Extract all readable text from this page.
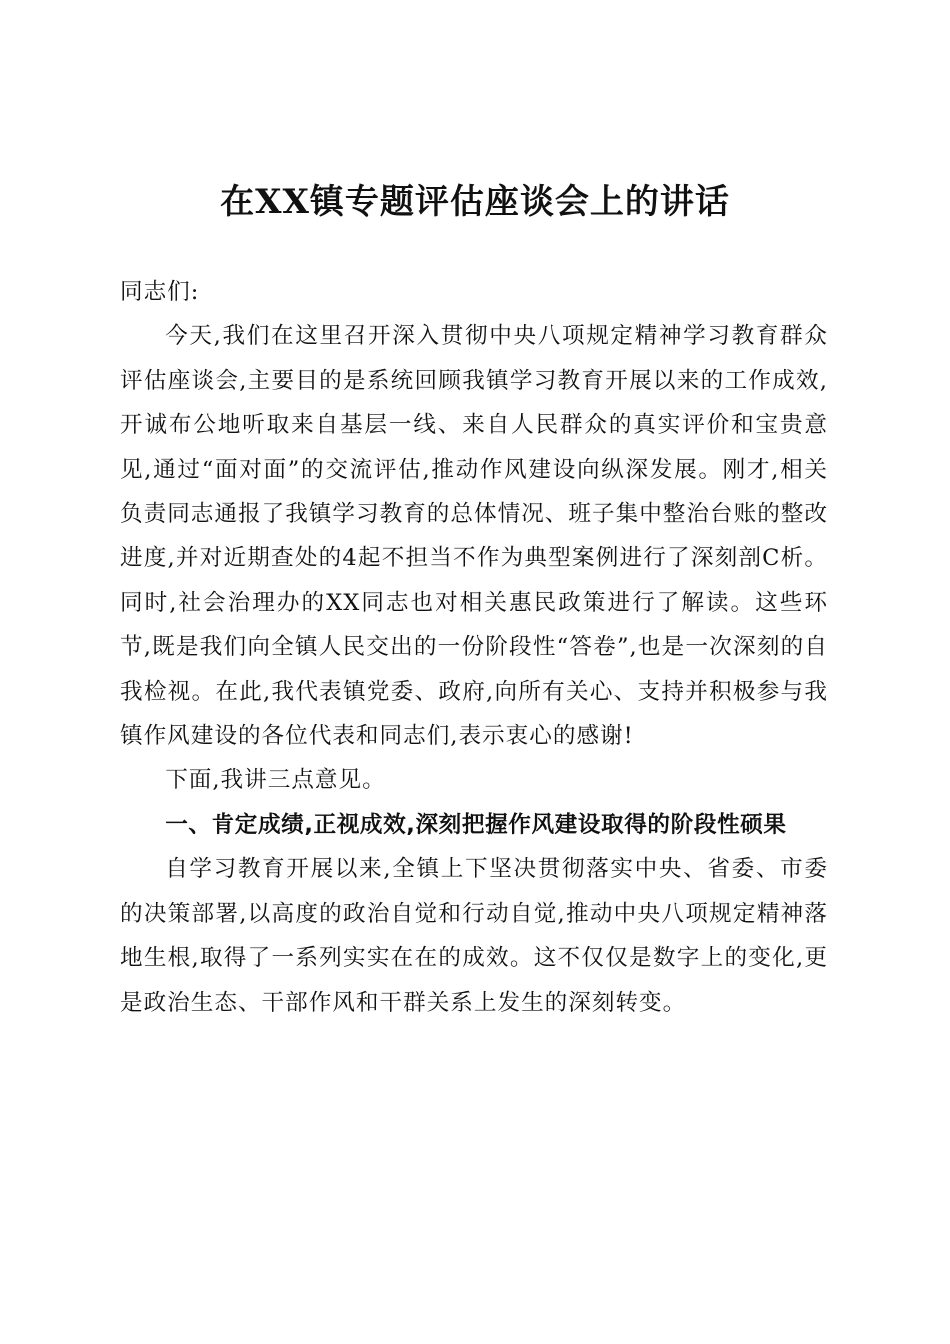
在XX镇专题评估座谈会上的讲话

同志们:

今天,我们在这里召开深入贯彻中央八项规定精神学习教育群众评估座谈会,主要目的是系统回顾我镇学习教育开展以来的工作成效,开诚布公地听取来自基层一线、来自人民群众的真实评价和宝贵意见,通过“面对面”的交流评估,推动作风建设向纵深发展。刚才,相关负责同志通报了我镇学习教育的总体情况、班子集中整治台账的整改进度,并对近期查处的4起不担当不作为典型案例进行了深刻剖C析。同时,社会治理办的XX同志也对相关惠民政策进行了解读。这些环节,既是我们向全镇人民交出的一份阶段性“答卷”,也是一次深刻的自我检视。在此,我代表镇党委、政府,向所有关心、支持并积极参与我镇作风建设的各位代表和同志们,表示衷心的感谢!

下面,我讲三点意见。

一、肯定成绩,正视成效,深刻把握作风建设取得的阶段性硕果

自学习教育开展以来,全镇上下坚决贯彻落实中央、省委、市委的决策部署,以高度的政治自觉和行动自觉,推动中央八项规定精神落地生根,取得了一系列实实在在的成效。这不仅仅是数字上的变化,更是政治生态、干部作风和干群关系上发生的深刻转变。
